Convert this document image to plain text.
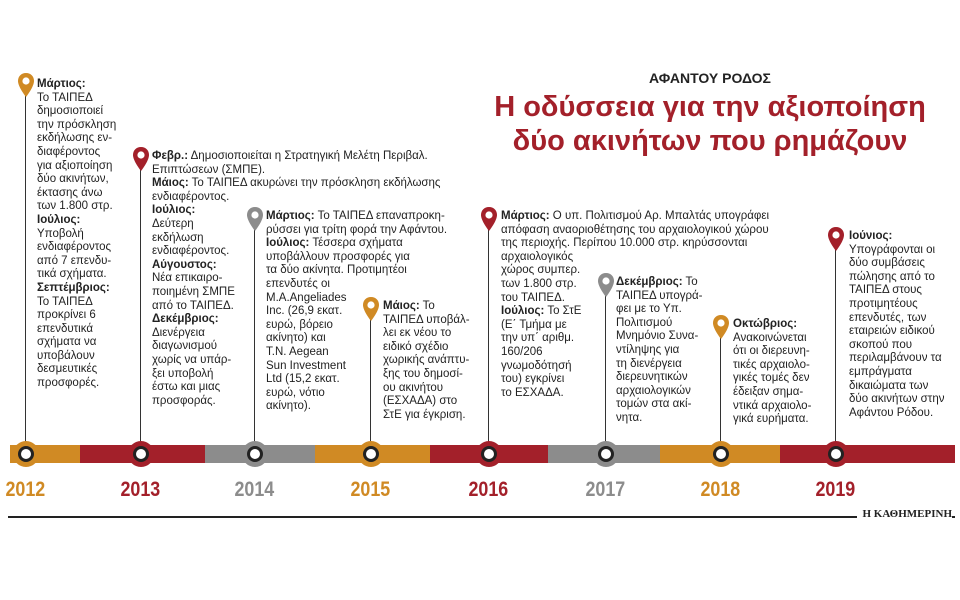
ΑΦΑΝΤΟΥ ΡΟΔΟΣ
Η οδύσσεια για την αξιοποίηση
δύο ακινήτων που ρημάζουν
2012	2013	2014	2015	2016	2017	2018	2019
Μάρτιος:
Το ΤΑΙΠΕΔ
δημοσιοποιεί
την πρόσκληση
εκδήλωσης εν-
διαφέροντος
για αξιοποίηση
δύο ακινήτων,
έκτασης άνω
των 1.800 στρ.
Ιούλιος:
Υποβολή
ενδιαφέροντος
από 7 επενδυ-
τικά σχήματα.
Σεπτέμβριος:
Το ΤΑΙΠΕΔ
προκρίνει 6
επενδυτικά
σχήματα να
υποβάλουν
δεσμευτικές
προσφορές.
Φεβρ.: Δημοσιοποιείται η Στρατηγική Μελέτη Περιβαλ.
Επιπτώσεων (ΣΜΠΕ).
Μάιος: Το ΤΑΙΠΕΔ ακυρώνει την πρόσκληση εκδήλωσης
ενδιαφέροντος.
Ιούλιος:
Δεύτερη
εκδήλωση
ενδιαφέροντος.
Αύγουστος:
Νέα επικαιρο-
ποιημένη ΣΜΠΕ
από το ΤΑΙΠΕΔ.
Δεκέμβριος:
Διενέργεια
διαγωνισμού
χωρίς να υπάρ-
ξει υποβολή
έστω και μιας
προσφοράς.
Μάρτιος: Το ΤΑΙΠΕΔ επαναπροκη-
ρύσσει για τρίτη φορά την Αφάντου.
Ιούλιος: Τέσσερα σχήματα
υποβάλλουν προσφορές για
τα δύο ακίνητα. Προτιμητέοι
επενδυτές οι
M.A.Angeliades
Inc. (26,9 εκατ.
ευρώ, βόρειο
ακίνητο) και
T.N. Aegean
Sun Investment
Ltd (15,2 εκατ.
ευρώ, νότιο
ακίνητο).
Μάιος: Το
ΤΑΙΠΕΔ υποβάλ-
λει εκ νέου το
ειδικό σχέδιο
χωρικής ανάπτυ-
ξης του δημοσί-
ου ακινήτου
(ΕΣΧΑΔΑ) στο
ΣτΕ για έγκριση.
Μάρτιος: Ο υπ. Πολιτισμού Αρ. Μπαλτάς υπογράφει
απόφαση αναοριοθέτησης του αρχαιολογικού χώρου
της περιοχής. Περίπου 10.000 στρ. κηρύσσονται
αρχαιολογικός
χώρος συμπερ.
των 1.800 στρ.
του ΤΑΙΠΕΔ.
Ιούλιος: Το ΣτΕ
(Ε΄ Τμήμα με
την υπ΄ αριθμ.
160/206
γνωμοδότησή
του) εγκρίνει
το ΕΣΧΑΔΑ.
Δεκέμβριος: Το
ΤΑΙΠΕΔ υπογρά-
φει με το Υπ.
Πολιτισμού
Μνημόνιο Συνα-
ντίληψης για
τη διενέργεια
διερευνητικών
αρχαιολογικών
τομών στα ακί-
νητα.
Οκτώβριος:
Ανακοινώνεται
ότι οι διερευνη-
τικές αρχαιολο-
γικές τομές δεν
έδειξαν σημα-
ντικά αρχαιολο-
γικά ευρήματα.
Ιούνιος:
Υπογράφονται οι
δύο συμβάσεις
πώλησης από το
ΤΑΙΠΕΔ στους
προτιμητέους
επενδυτές, των
εταιρειών ειδικού
σκοπού που
περιλαμβάνουν τα
εμπράγματα
δικαιώματα των
δύο ακινήτων στην
Αφάντου Ρόδου.
Η ΚΑΘΗΜΕΡΙΝΗ
